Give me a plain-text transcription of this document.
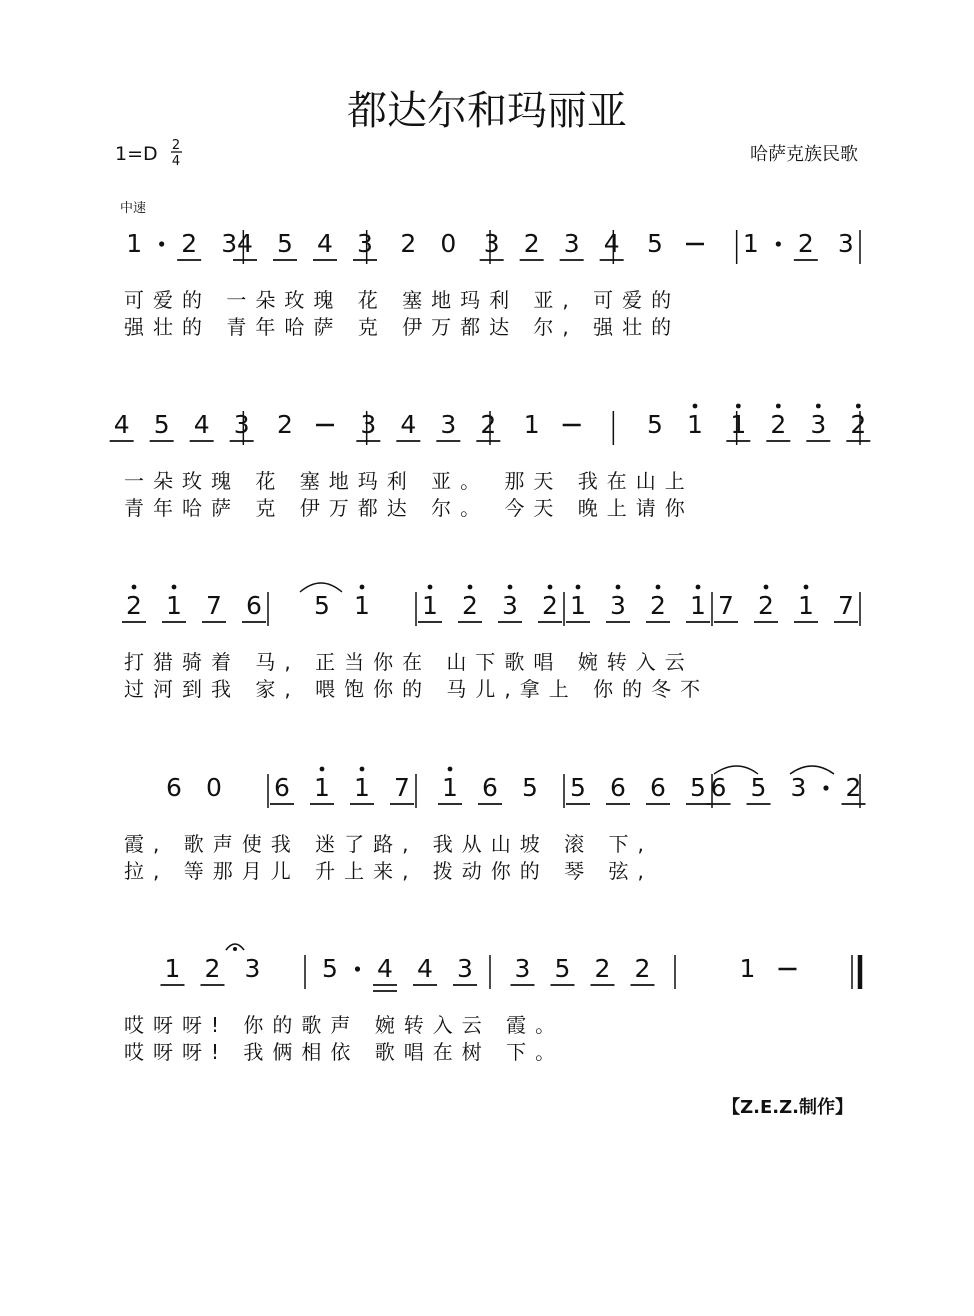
都达尔和玛丽亚
1=D 2
4	哈萨克族民歌
中速
1 2 3 4 5 4 3 2 0 3 2 3 4 5	1 2 3
可爱的 一朵玫瑰 花 塞地玛利 亚, 可爱的
强壮的 青年哈萨 克 伊万都达 尔, 强壮的
4 5 4 3 2	3 4 3 2 1	5 1 1 2 3 2
一朵玫瑰 花 塞地玛利 亚。 那天 我在山上
青年哈萨 克 伊万都达 尔。 今天 晚上请你
2 1 7 6 5 1 1 2 3 2 1 3 2 1 7 2 1 7
打猎骑着 马, 正当你在 山下歌唱 婉转入云
过河到我 家, 喂饱你的 马儿,拿上 你的冬不
6 0 6 1 1 7 1 6 5 5 6 6 5 6 5 3 2
霞, 歌声使我 迷了路, 我从山坡 滚 下,
拉, 等那月儿 升上来, 拨动你的 琴 弦,
1 2 3 5 4 4 3 3 5 2 2	1
哎呀呀! 你的歌声 婉转入云 霞。
哎呀呀! 我俩相依 歌唱在树 下。
【Z.E.Z.制作】
